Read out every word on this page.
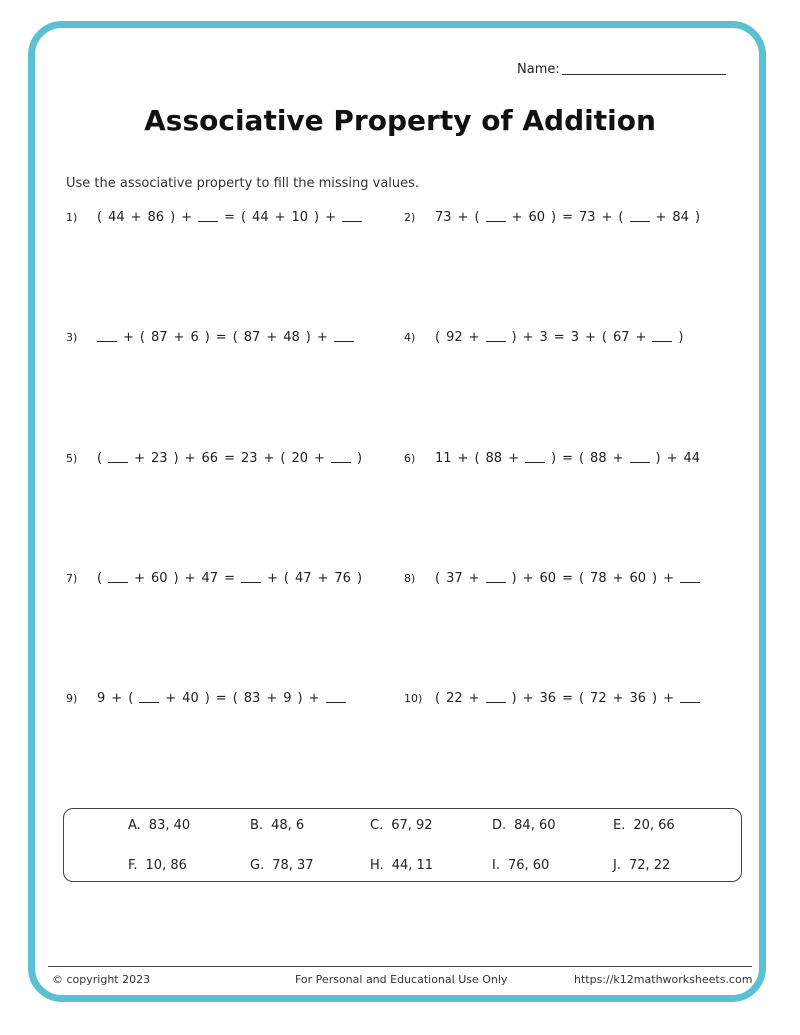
Name:
Associative Property of Addition
Use the associative property to fill the missing values.
1) ( 44 + 86 ) + = ( 44 + 10 ) +	2) 73 + ( + 60 ) = 73 + ( + 84 )
3)	+ ( 87 + 6 ) = ( 87 + 48 ) +	4) ( 92 + ) + 3 = 3 + ( 67 + )
5) ( + 23 ) + 66 = 23 + ( 20 + )	6) 11 + ( 88 + ) = ( 88 + ) + 44
7) ( + 60 ) + 47 = + ( 47 + 76 )	8) ( 37 + ) + 60 = ( 78 + 60 ) +
9) 9 + ( + 40 ) = ( 83 + 9 ) +	10) ( 22 + ) + 36 = ( 72 + 36 ) +
A. 83, 40	B. 48, 6	C. 67, 92	D. 84, 60	E. 20, 66
F. 10, 86	G. 78, 37	H. 44, 11	I. 76, 60	J. 72, 22
© copyright 2023	For Personal and Educational Use Only	https://k12mathworksheets.com
